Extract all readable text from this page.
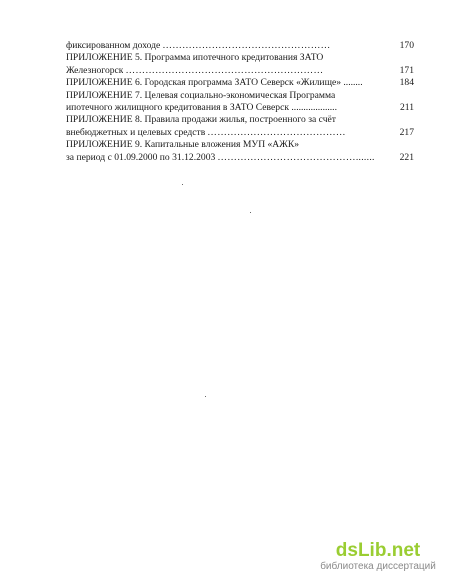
фиксированном доходе ……………………………………………	170
ПРИЛОЖЕНИЕ 5. Программа ипотечного кредитования ЗАТО
Железногорск ……………………………………………………	171
ПРИЛОЖЕНИЕ 6. Городская программа ЗАТО Северск «Жилище» ........	184
ПРИЛОЖЕНИЕ 7. Целевая социально-экономическая Программа
ипотечного жилищного кредитования в ЗАТО Северск ...................	211
ПРИЛОЖЕНИЕ 8. Правила продажи жилья, построенного за счёт
внебюджетных и целевых средств ……………………………………	217
ПРИЛОЖЕНИЕ 9. Капитальные вложения МУП «АЖК»
за период с 01.09.2000 по 31.12.2003 …………………………………….......	221
dsLib.net
библиотека диссертаций
